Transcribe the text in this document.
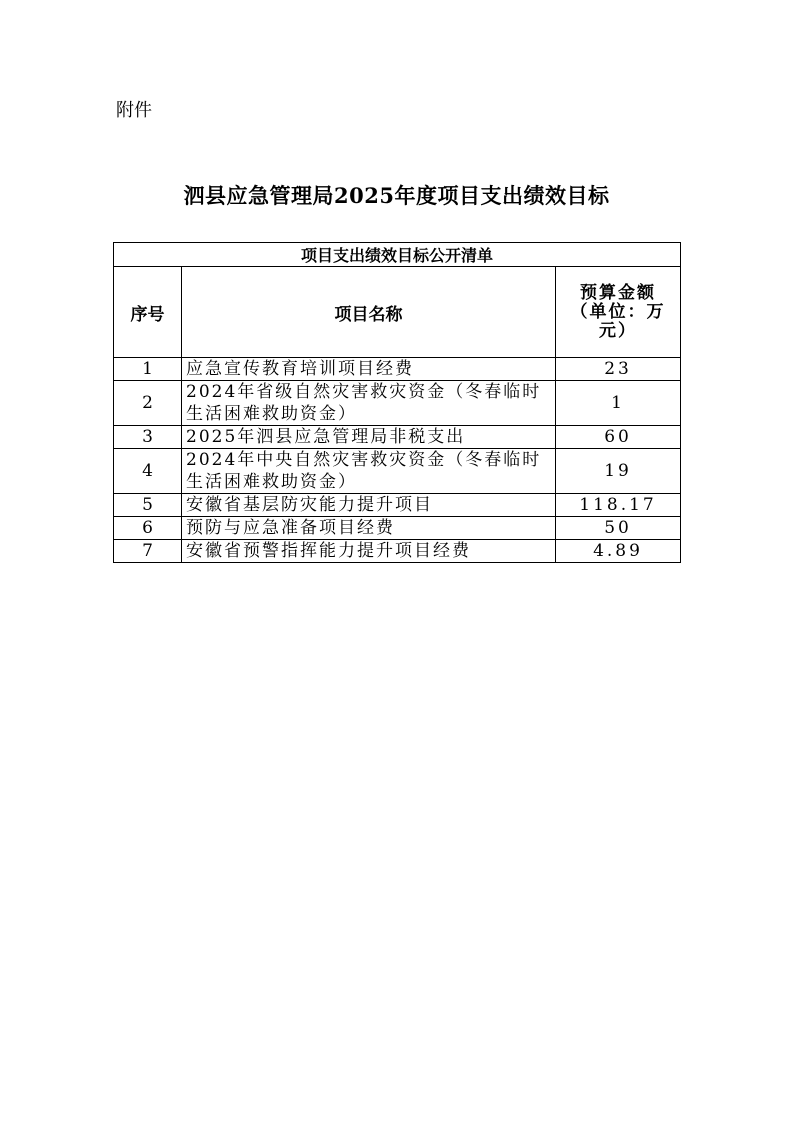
附件
泗县应急管理局2025年度项目支出绩效目标
项目支出绩效目标公开清单		
序号	项目名称	预算金额（单位：万元）
1	应急宣传教育培训项目经费	23
2	2024年省级自然灾害救灾资金（冬春临时生活困难救助资金）	1
3	2025年泗县应急管理局非税支出	60
4	2024年中央自然灾害救灾资金（冬春临时生活困难救助资金）	19
5	安徽省基层防灾能力提升项目	118.17
6	预防与应急准备项目经费	50
7	安徽省预警指挥能力提升项目经费	4.89
